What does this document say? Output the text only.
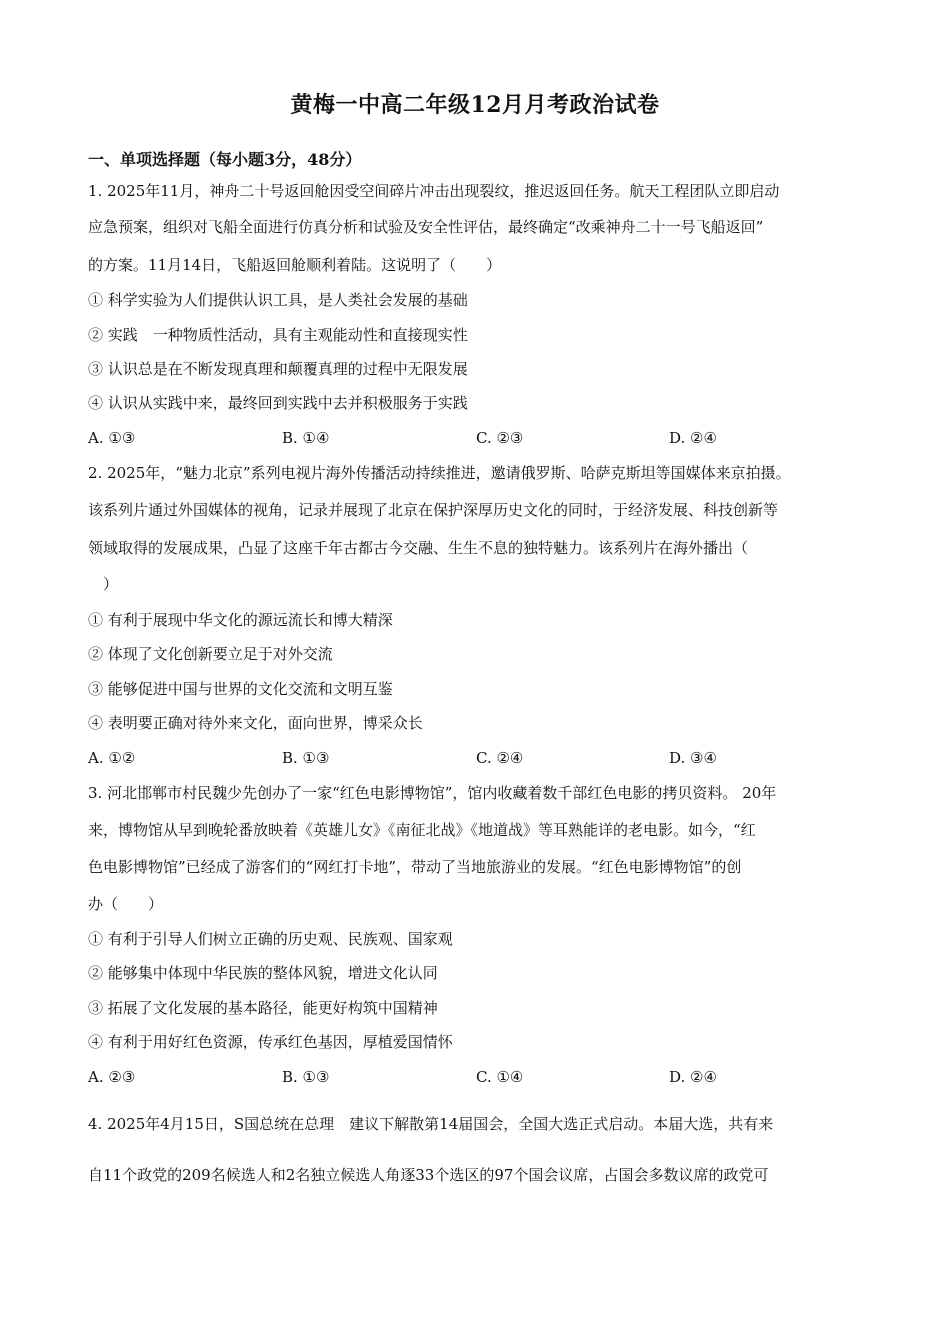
黄梅一中高二年级12月月考政治试卷
一、单项选择题（每小题3分，48分）
1. 2025年11月，神舟二十号返回舱因受空间碎片冲击出现裂纹，推迟返回任务。航天工程团队立即启动
应急预案，组织对飞船全面进行仿真分析和试验及安全性评估，最终确定“改乘神舟二十一号飞船返回”
的方案。11月14日，飞船返回舱顺利着陆。这说明了（　　）
① 科学实验为人们提供认识工具，是人类社会发展的基础
② 实践　一种物质性活动，具有主观能动性和直接现实性
③ 认识总是在不断发现真理和颠覆真理的过程中无限发展
④ 认识从实践中来，最终回到实践中去并积极服务于实践
A. ①③	B. ①④	C. ②③	D. ②④
2. 2025年，“魅力北京”系列电视片海外传播活动持续推进，邀请俄罗斯、哈萨克斯坦等国媒体来京拍摄。
该系列片通过外国媒体的视角，记录并展现了北京在保护深厚历史文化的同时，于经济发展、科技创新等
领域取得的发展成果，凸显了这座千年古都古今交融、生生不息的独特魅力。该系列片在海外播出（
　）
① 有利于展现中华文化的源远流长和博大精深
② 体现了文化创新要立足于对外交流
③ 能够促进中国与世界的文化交流和文明互鉴
④ 表明要正确对待外来文化，面向世界，博采众长
A. ①②	B. ①③	C. ②④	D. ③④
3. 河北邯郸市村民魏少先创办了一家“红色电影博物馆”，馆内收藏着数千部红色电影的拷贝资料。 20年
来，博物馆从早到晚轮番放映着《英雄儿女》《南征北战》《地道战》等耳熟能详的老电影。如今，“红
色电影博物馆”已经成了游客们的“网红打卡地”，带动了当地旅游业的发展。“红色电影博物馆”的创
办（　　）
① 有利于引导人们树立正确的历史观、民族观、国家观
② 能够集中体现中华民族的整体风貌，增进文化认同
③ 拓展了文化发展的基本路径，能更好构筑中国精神
④ 有利于用好红色资源，传承红色基因，厚植爱国情怀
A. ②③	B. ①③	C. ①④	D. ②④
4. 2025年4月15日，S国总统在总理　建议下解散第14届国会，全国大选正式启动。本届大选，共有来
自11个政党的209名候选人和2名独立候选人角逐33个选区的97个国会议席，占国会多数议席的政党可
